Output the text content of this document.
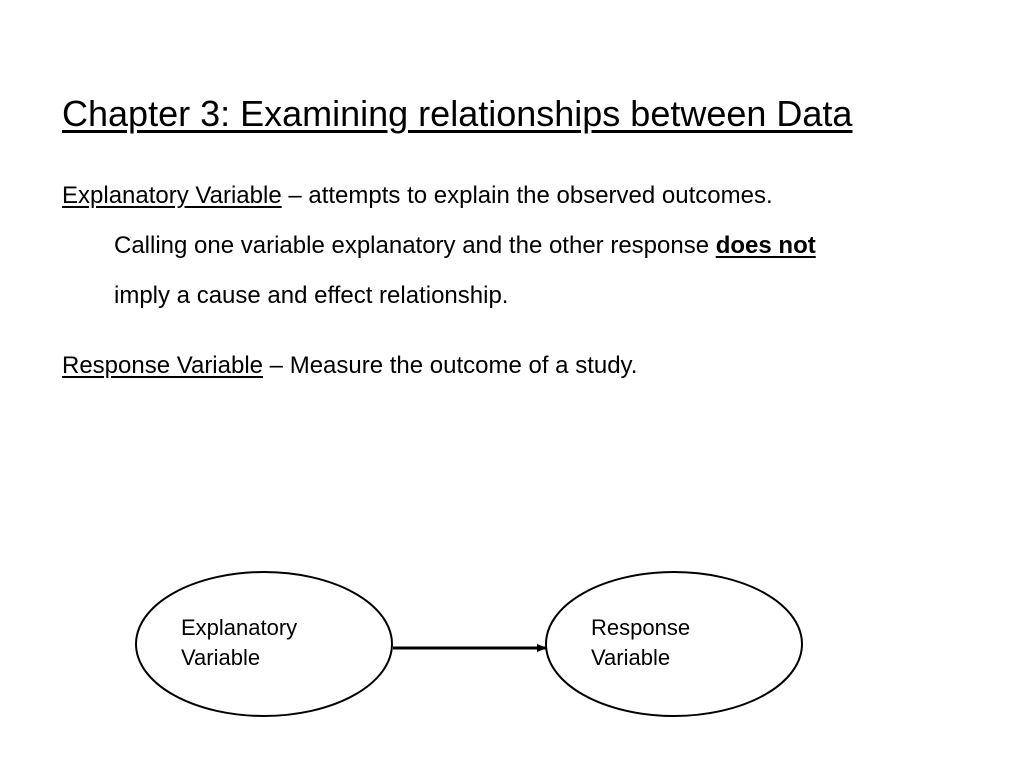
Chapter 3: Examining relationships between Data

Explanatory Variable – attempts to explain the observed outcomes.
Calling one variable explanatory and the other response does not
imply a cause and effect relationship.

Response Variable – Measure the outcome of a study.

Explanatory
Variable
Response
Variable
